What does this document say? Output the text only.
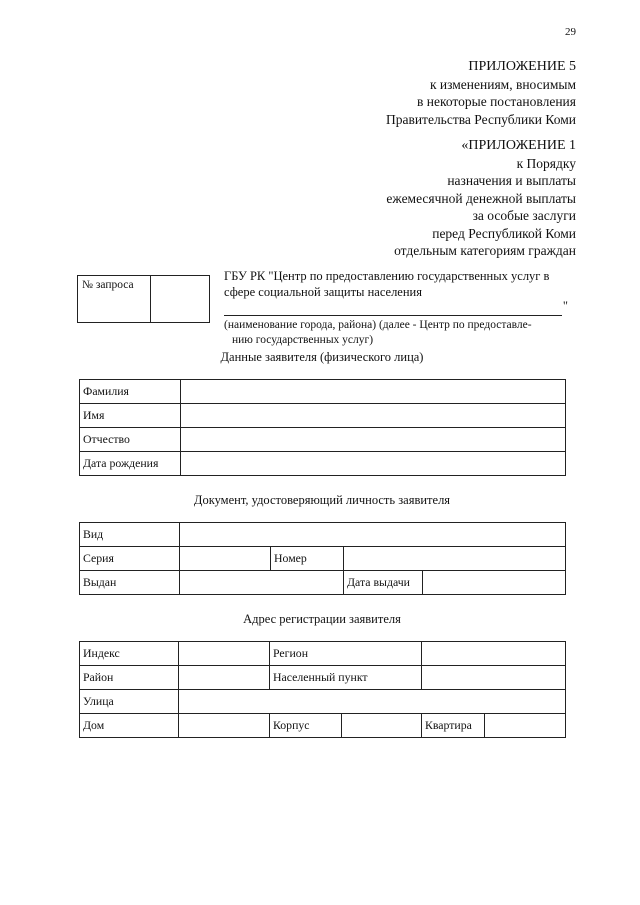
29
ПРИЛОЖЕНИЕ 5
к изменениям, вносимым
в некоторые постановления
Правительства Республики Коми
«ПРИЛОЖЕНИЕ 1
к Порядку
назначения и выплаты
ежемесячной денежной выплаты
за особые заслуги
перед Республикой Коми
отдельным категориям граждан
№ запроса
ГБУ РК "Центр по предоставлению государственных услуг в
сфере социальной защиты населения
"
(наименование города, района) (далее - Центр по предоставле-
нию государственных услуг)
Данные заявителя (физического лица)
Фамилия	
Имя	
Отчество	
Дата рождения	
Документ, удостоверяющий личность заявителя
Вид				
Серия		Номер		
Выдан			Дата выдачи	
Адрес регистрации заявителя
Индекс		Регион			
Район		Населенный пункт			
Улица					
Дом		Корпус		Квартира	
